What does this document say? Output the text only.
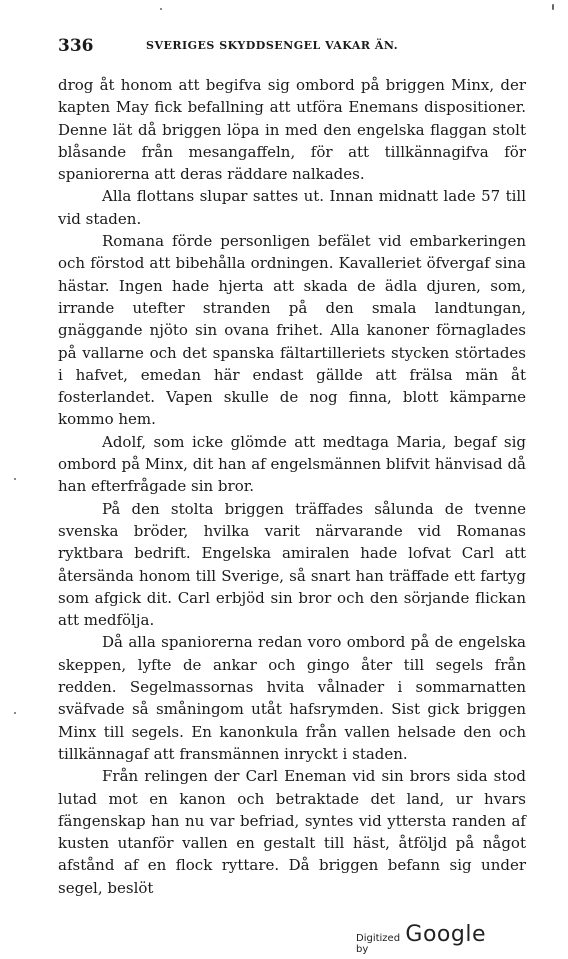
336	SVERIGES SKYDDSENGEL VAKAR ÄN.

drog åt honom att begifva sig ombord på briggen Minx, der kapten May fick befallning att utföra Enemans dispositioner. Denne lät då briggen löpa in med den engelska flaggan stolt blåsande från mesangaffeln, för att tillkännagifva för spaniorerna att deras räddare nalkades.

Alla flottans slupar sattes ut. Innan midnatt lade 57 till vid staden.

Romana förde personligen befälet vid embarkeringen och förstod att bibehålla ordningen. Kavalleriet öfvergaf sina hästar. Ingen hade hjerta att skada de ädla djuren, som, irrande utefter stranden på den smala landtungan, gnäggande njöto sin ovana frihet. Alla kanoner förnaglades på vallarne och det spanska fältartilleriets stycken störtades i hafvet, emedan här endast gällde att frälsa män åt fosterlandet. Vapen skulle de nog finna, blott kämparne kommo hem.

Adolf, som icke glömde att medtaga Maria, begaf sig ombord på Minx, dit han af engelsmännen blifvit hänvisad då han efterfrågade sin bror.

På den stolta briggen träffades sålunda de tvenne svenska bröder, hvilka varit närvarande vid Romanas ryktbara bedrift. Engelska amiralen hade lofvat Carl att återsända honom till Sverige, så snart han träffade ett fartyg som afgick dit. Carl erbjöd sin bror och den sörjande flickan att medfölja.

Då alla spaniorerna redan voro ombord på de engelska skeppen, lyfte de ankar och gingo åter till segels från redden. Segelmassornas hvita vålnader i sommarnatten sväfvade så småningom utåt hafsrymden. Sist gick briggen Minx till segels. En kanonkula från vallen helsade den och tillkännagaf att fransmännen inryckt i staden.

Från relingen der Carl Eneman vid sin brors sida stod lutad mot en kanon och betraktade det land, ur hvars fängenskap han nu var befriad, syntes vid yttersta randen af kusten utanför vallen en gestalt till häst, åtföljd på något afstånd af en flock ryttare. Då briggen befann sig under segel, beslöt

Digitized by
Google
